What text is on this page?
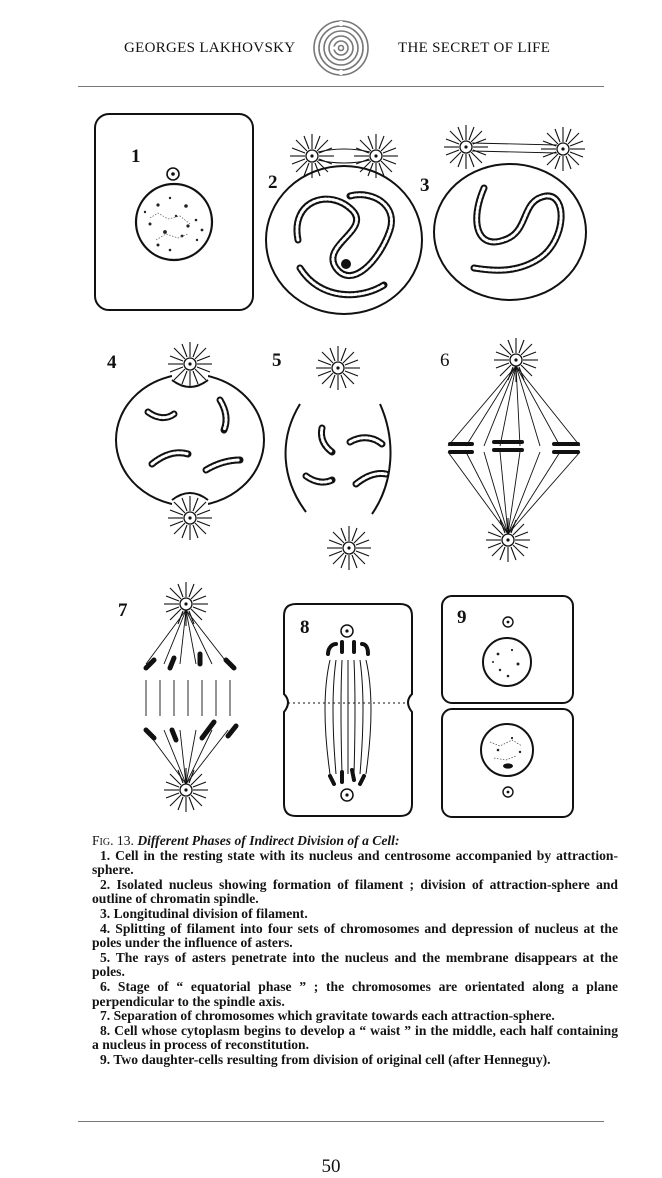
GEORGES LAKHOVSKY	THE SECRET OF LIFE
1
2	3
4	5	6
7
8	9

Fig. 13. Different Phases of Indirect Division of a Cell:

1. Cell in the resting state with its nucleus and centrosome accompanied by attraction-sphere.

2. Isolated nucleus showing formation of filament ; division of attraction-sphere and outline of chromatin spindle.

3. Longitudinal division of filament.

4. Splitting of filament into four sets of chromosomes and depression of nucleus at the poles under the influence of asters.

5. The rays of asters penetrate into the nucleus and the membrane disappears at the poles.

6. Stage of “ equatorial phase ” ; the chromosomes are orientated along a plane perpendicular to the spindle axis.

7. Separation of chromosomes which gravitate towards each attraction-sphere.

8. Cell whose cytoplasm begins to develop a “ waist ” in the middle, each half containing a nucleus in process of reconstitution.

9. Two daughter-cells resulting from division of original cell (after Henneguy).

50
